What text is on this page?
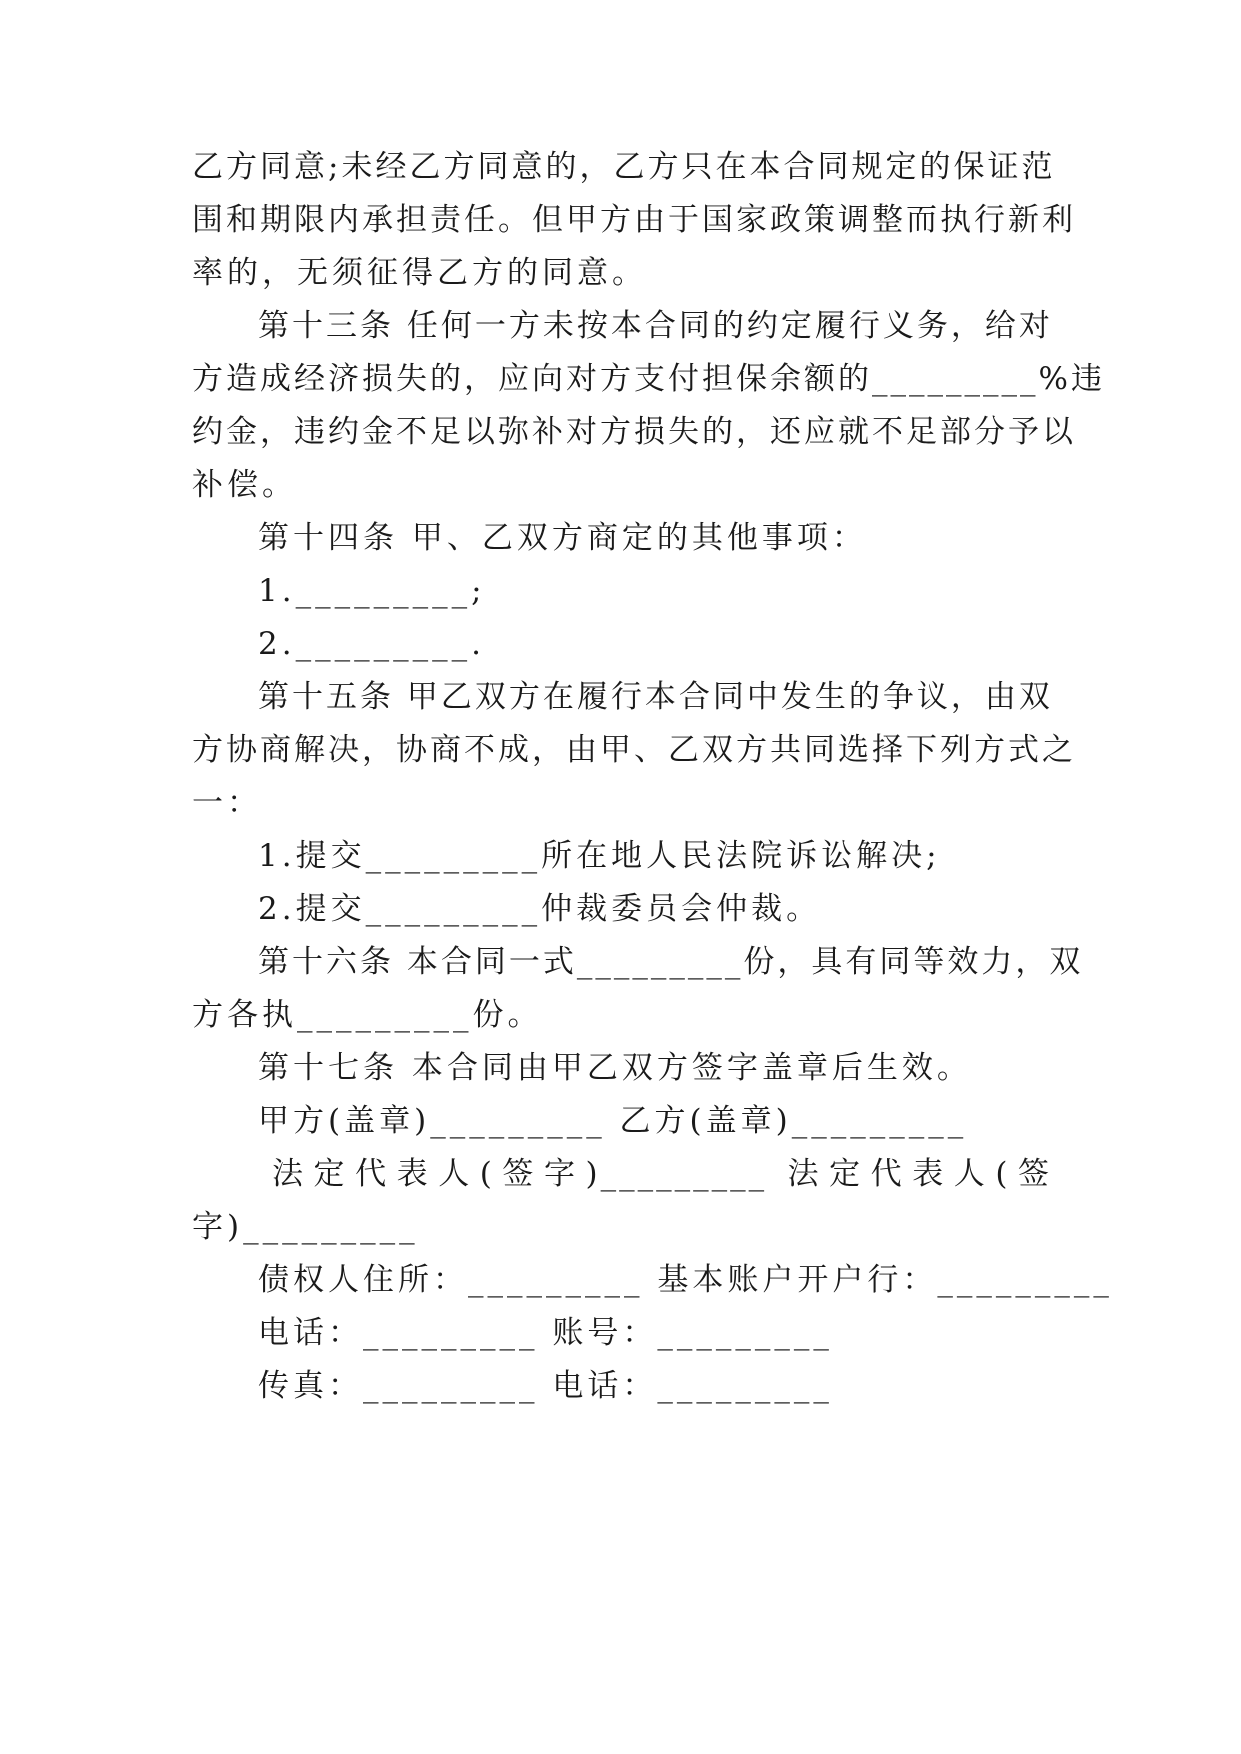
乙方同意;未经乙方同意的，乙方只在本合同规定的保证范
围和期限内承担责任。但甲方由于国家政策调整而执行新利
率的，无须征得乙方的同意。
第十三条 任何一方未按本合同的约定履行义务，给对
方造成经济损失的，应向对方支付担保余额的_________%违
约金，违约金不足以弥补对方损失的，还应就不足部分予以
补偿。
第十四条 甲、乙双方商定的其他事项：
1._________;
2._________.
第十五条 甲乙双方在履行本合同中发生的争议，由双
方协商解决，协商不成，由甲、乙双方共同选择下列方式之
一：
1.提交_________所在地人民法院诉讼解决;
2.提交_________仲裁委员会仲裁。
第十六条 本合同一式_________份，具有同等效力，双
方各执_________份。
第十七条 本合同由甲乙双方签字盖章后生效。
甲方(盖章)_________ 乙方(盖章)_________
法定代表人(签字)_________ 法定代表人(签
字)_________
债权人住所：_________ 基本账户开户行：_________
电话：_________ 账号：_________
传真：_________ 电话：_________
